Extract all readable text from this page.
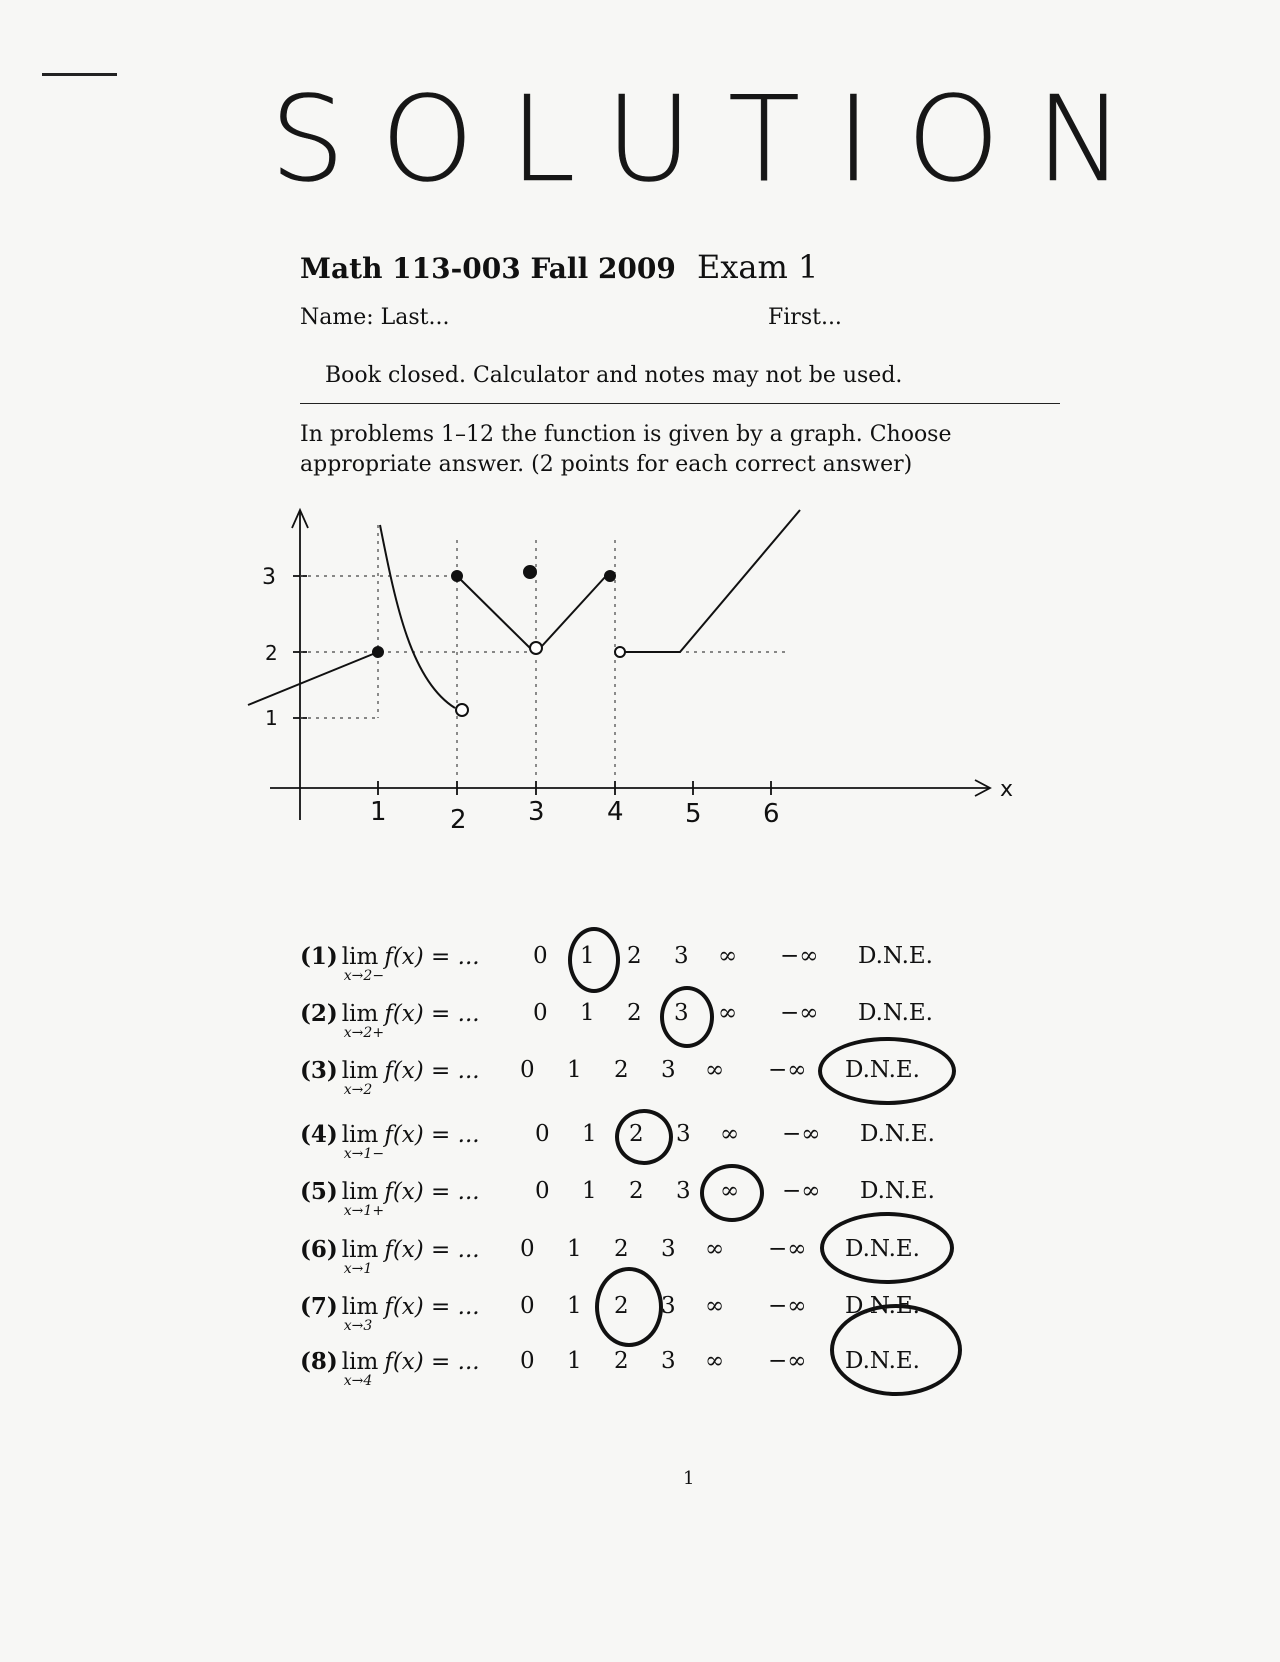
SOLUTION
Math 113-003 Fall 2009 Exam 1
Name: Last...	First...
Book closed. Calculator and notes may not be used.
In problems 1–12 the function is given by a graph. Choose appropriate answer. (2 points for each correct answer)
1 2 3 4 5 6
1
2
3
x
(1) lim
x→2−
f(x) = ... 0 1 2 3 ∞ −∞ D.N.E.
(2) lim
x→2+
f(x) = ... 0 1 2 3 ∞ −∞ D.N.E.
(3) lim
x→2
f(x) = ... 0 1 2 3 ∞ −∞ D.N.E.
(4) lim
x→1−
f(x) = ... 0 1 2 3 ∞ −∞ D.N.E.
(5) lim
x→1+
f(x) = ... 0 1 2 3 ∞ −∞ D.N.E.
(6) lim
x→1
f(x) = ... 0 1 2 3 ∞ −∞ D.N.E.
(7) lim
x→3
f(x) = ... 0 1 2 3 ∞ −∞ D.N.E.
(8) lim
x→4
f(x) = ... 0 1 2 3 ∞ −∞ D.N.E.
1
